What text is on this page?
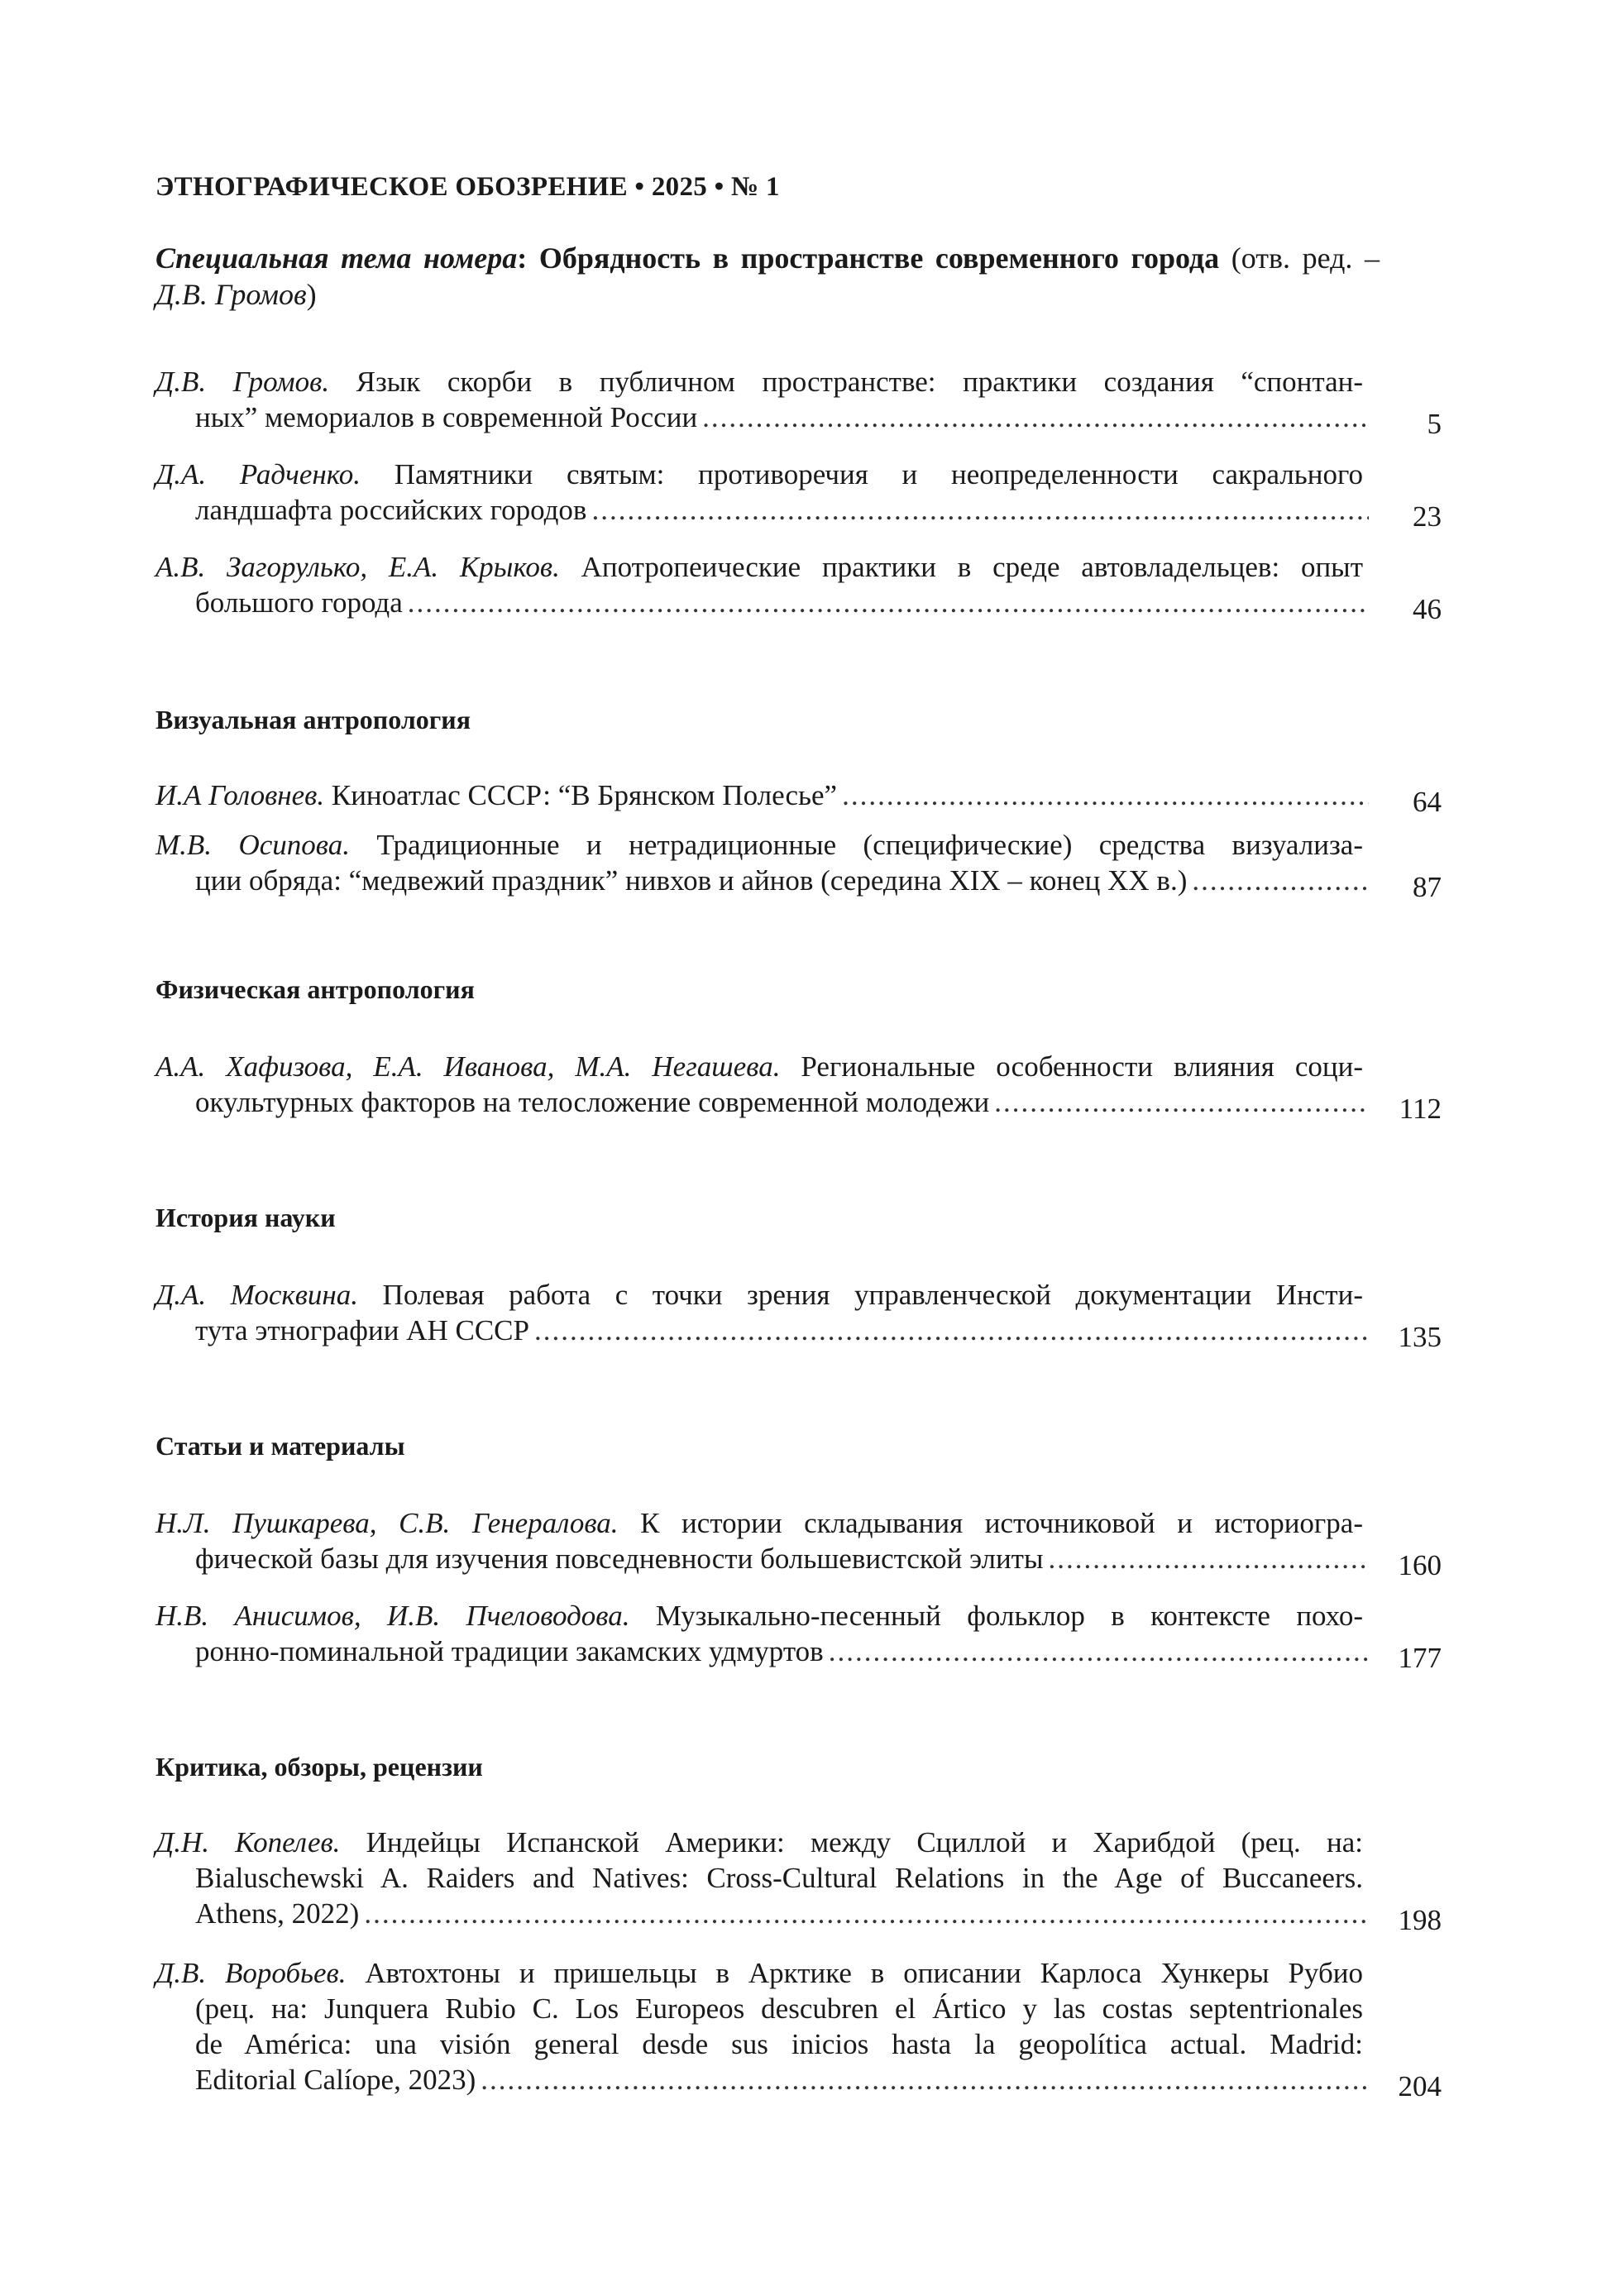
ЭТНОГРАФИЧЕСКОЕ ОБОЗРЕНИЕ • 2025 • № 1
Специальная тема номера: Обрядность в пространстве современного города (отв. ред. – Д.В. Громов)
Д.В. Громов. Язык скорби в публичном пространстве: практики создания “спонтан-
ных” мемориалов в современной России .....	5
Д.А. Радченко. Памятники святым: противоречия и неопределенности сакрального
ландшафта российских городов .....	23
А.В. Загорулько, Е.А. Крыков. Апотропеические практики в среде автовладельцев: опыт
большого города .....	46
Визуальная антропология
И.А Головнев. Киноатлас СССР: “В Брянском Полесье” .....	64
М.В. Осипова. Традиционные и нетрадиционные (специфические) средства визуализа-
ции обряда: “медвежий праздник” нивхов и айнов (середина XIX – конец XX в.) .....	87
Физическая антропология
А.А. Хафизова, Е.А. Иванова, М.А. Негашева. Региональные особенности влияния соци-
окультурных факторов на телосложение современной молодежи .....	112
История науки
Д.А. Москвина. Полевая работа с точки зрения управленческой документации Инсти-
тута этнографии АН СССР .....	135
Статьи и материалы
Н.Л. Пушкарева, С.В. Генералова. К истории складывания источниковой и историогра-
фической базы для изучения повседневности большевистской элиты .....	160
Н.В. Анисимов, И.В. Пчеловодова. Музыкально-песенный фольклор в контексте похо-
ронно-поминальной традиции закамских удмуртов .....	177
Критика, обзоры, рецензии
Д.Н. Копелев. Индейцы Испанской Америки: между Сциллой и Харибдой (рец. на:
Bialuschewski A. Raiders and Natives: Cross-Cultural Relations in the Age of Buccaneers.
Athens, 2022) .....	198
Д.В. Воробьев. Автохтоны и пришельцы в Арктике в описании Карлоса Хункеры Рубио
(рец. на: Junquera Rubio C. Los Europeos descubren el Ártico y las costas septentrionales
de América: una visión general desde sus inicios hasta la geopolítica actual. Madrid:
Editorial Calíope, 2023) .....	204
